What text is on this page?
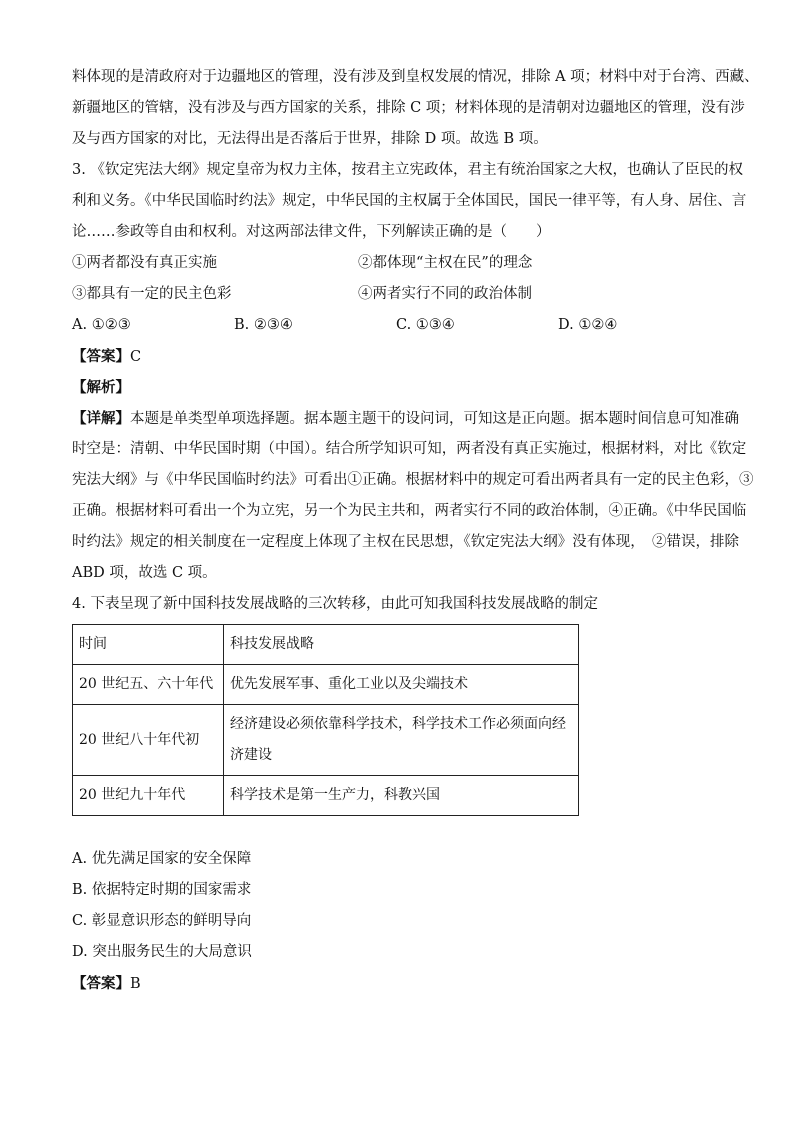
料体现的是清政府对于边疆地区的管理，没有涉及到皇权发展的情况，排除 A 项；材料中对于台湾、西藏、
新疆地区的管辖，没有涉及与西方国家的关系，排除 C 项；材料体现的是清朝对边疆地区的管理，没有涉
及与西方国家的对比，无法得出是否落后于世界，排除 D 项。故选 B 项。
3. 《钦定宪法大纲》规定皇帝为权力主体，按君主立宪政体，君主有统治国家之大权，也确认了臣民的权
利和义务。《中华民国临时约法》规定，中华民国的主权属于全体国民，国民一律平等，有人身、居住、言
论……参政等自由和权利。对这两部法律文件，下列解读正确的是（　　）
①两者都没有真正实施	②都体现“主权在民”的理念
③都具有一定的民主色彩	④两者实行不同的政治体制
A. ①②③	B. ②③④	C. ①③④	D. ①②④
【答案】C
【解析】
【详解】本题是单类型单项选择题。据本题主题干的设问词，可知这是正向题。据本题时间信息可知准确
时空是：清朝、中华民国时期（中国）。结合所学知识可知，两者没有真正实施过，根据材料，对比《钦定
宪法大纲》与《中华民国临时约法》可看出①正确。根据材料中的规定可看出两者具有一定的民主色彩，③
正确。根据材料可看出一个为立宪，另一个为民主共和，两者实行不同的政治体制，④正确。《中华民国临
时约法》规定的相关制度在一定程度上体现了主权在民思想，《钦定宪法大纲》没有体现，　②错误，排除
ABD 项，故选 C 项。
4. 下表呈现了新中国科技发展战略的三次转移，由此可知我国科技发展战略的制定
时间	科技发展战略
20 世纪五、六十年代	优先发展军事、重化工业以及尖端技术
20 世纪八十年代初	经济建设必须依靠科学技术，科学技术工作必须面向经济建设
20 世纪九十年代	科学技术是第一生产力，科教兴国
A. 优先满足国家的安全保障
B. 依据特定时期的国家需求
C. 彰显意识形态的鲜明导向
D. 突出服务民生的大局意识
【答案】B
